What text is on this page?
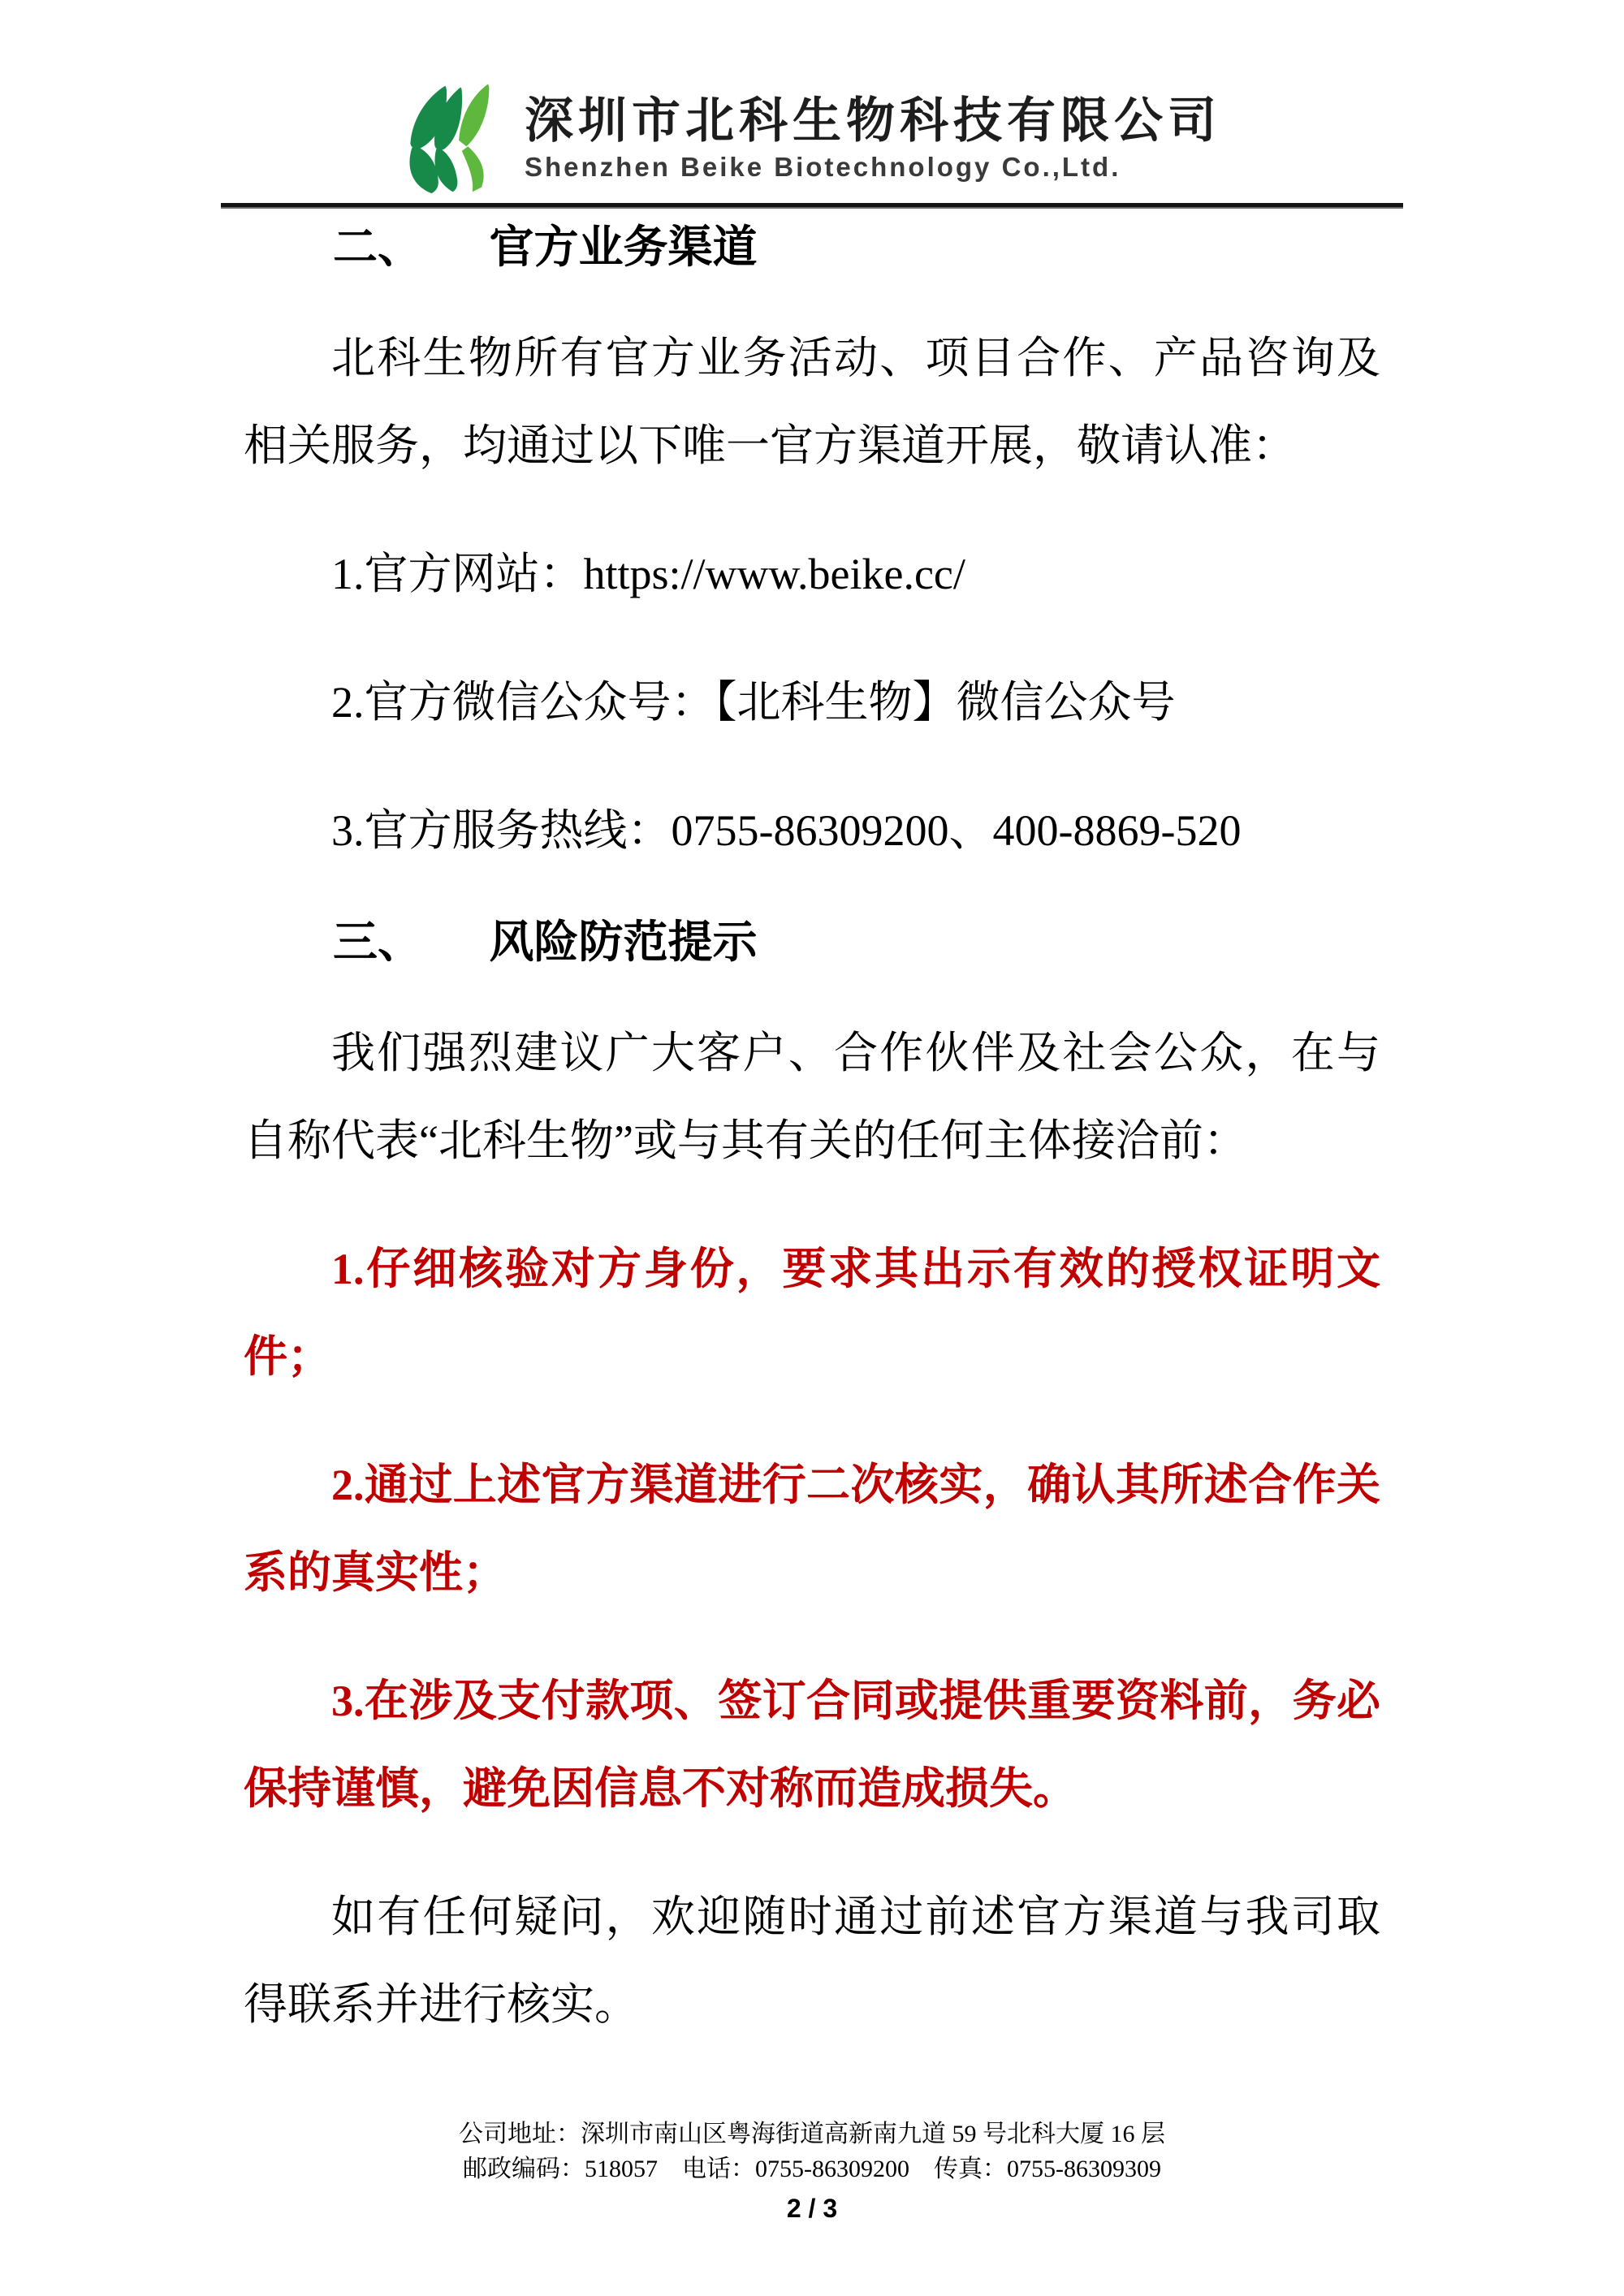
深圳市北科生物科技有限公司
Shenzhen Beike Biotechnology Co.,Ltd.
二、 官方业务渠道

北科生物所有官方业务活动、项目合作、产品咨询及相关服务，均通过以下唯一官方渠道开展，敬请认准：

1.官方网站：https://www.beike.cc/

2.官方微信公众号：【北科生物】微信公众号

3.官方服务热线：0755-86309200、400-8869-520

三、 风险防范提示

我们强烈建议广大客户、合作伙伴及社会公众，在与自称代表“北科生物”或与其有关的任何主体接洽前：

1.仔细核验对方身份，要求其出示有效的授权证明文件；

2.通过上述官方渠道进行二次核实，确认其所述合作关系的真实性；

3.在涉及支付款项、签订合同或提供重要资料前，务必保持谨慎，避免因信息不对称而造成损失。

如有任何疑问，欢迎随时通过前述官方渠道与我司取得联系并进行核实。

公司地址：深圳市南山区粤海街道高新南九道 59 号北科大厦 16 层

邮政编码：518057　电话：0755-86309200　传真：0755-86309309

2 / 3
